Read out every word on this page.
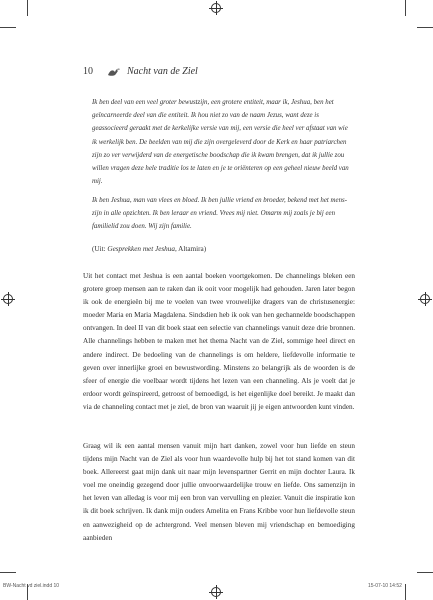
10	Nacht van de Ziel

Ik ben deel van een veel groter bewustzijn, een grotere entiteit, maar ik, Jeshua, ben het geïncarneerde deel van die entiteit. Ik hou niet zo van de naam Jezus, want deze is geassocieerd geraakt met de kerkelijke versie van mij, een versie die heel ver afstaat van wie ik werkelijk ben. De beelden van mij die zijn overgeleverd door de Kerk en haar patriarchen zijn zo ver verwijderd van de energetische boodschap die ik kwam brengen, dat ik jullie zou willen vragen deze hele traditie los te laten en je te oriënteren op een geheel nieuw beeld van mij.

Ik ben Jeshua, man van vlees en bloed. Ik ben jullie vriend en broeder, bekend met het mens-zijn in alle opzichten. Ik ben leraar en vriend. Vrees mij niet. Omarm mij zoals je bij een familielid zou doen. Wij zijn familie.

(Uit: Gesprekken met Jeshua, Altamira)

Uit het contact met Jeshua is een aantal boeken voortgekomen. De channelings bleken een grotere groep mensen aan te raken dan ik ooit voor mogelijk had gehouden. Jaren later begon ik ook de energieën bij me te voelen van twee vrouwelijke dragers van de christusenergie: moeder Maria en Maria Magdalena. Sindsdien heb ik ook van hen gechannelde boodschappen ontvangen. In deel II van dit boek staat een selectie van channelings vanuit deze drie bronnen. Alle channelings hebben te maken met het thema Nacht van de Ziel, sommige heel direct en andere indirect. De bedoeling van de channelings is om heldere, liefdevolle informatie te geven over innerlijke groei en bewustwording. Minstens zo belangrijk als de woorden is de sfeer of energie die voelbaar wordt tijdens het lezen van een channeling. Als je voelt dat je erdoor wordt geïnspireerd, getroost of bemoedigd, is het eigenlijke doel bereikt. Je maakt dan via de channeling contact met je ziel, de bron van waaruit jij je eigen antwoorden kunt vinden.

Graag wil ik een aantal mensen vanuit mijn hart danken, zowel voor hun liefde en steun tijdens mijn Nacht van de Ziel als voor hun waardevolle hulp bij het tot stand komen van dit boek. Allereerst gaat mijn dank uit naar mijn levenspartner Gerrit en mijn dochter Laura. Ik voel me oneindig gezegend door jullie onvoorwaardelijke trouw en liefde. Ons samenzijn in het leven van alledag is voor mij een bron van vervulling en plezier. Vanuit die inspiratie kon ik dit boek schrijven. Ik dank mijn ouders Amelita en Frans Kribbe voor hun liefdevolle steun en aanwezigheid op de achtergrond. Veel mensen bleven mij vriendschap en bemoediging aanbieden

BW-Nacht vd ziel.indd 10	15-07-10 14:52
